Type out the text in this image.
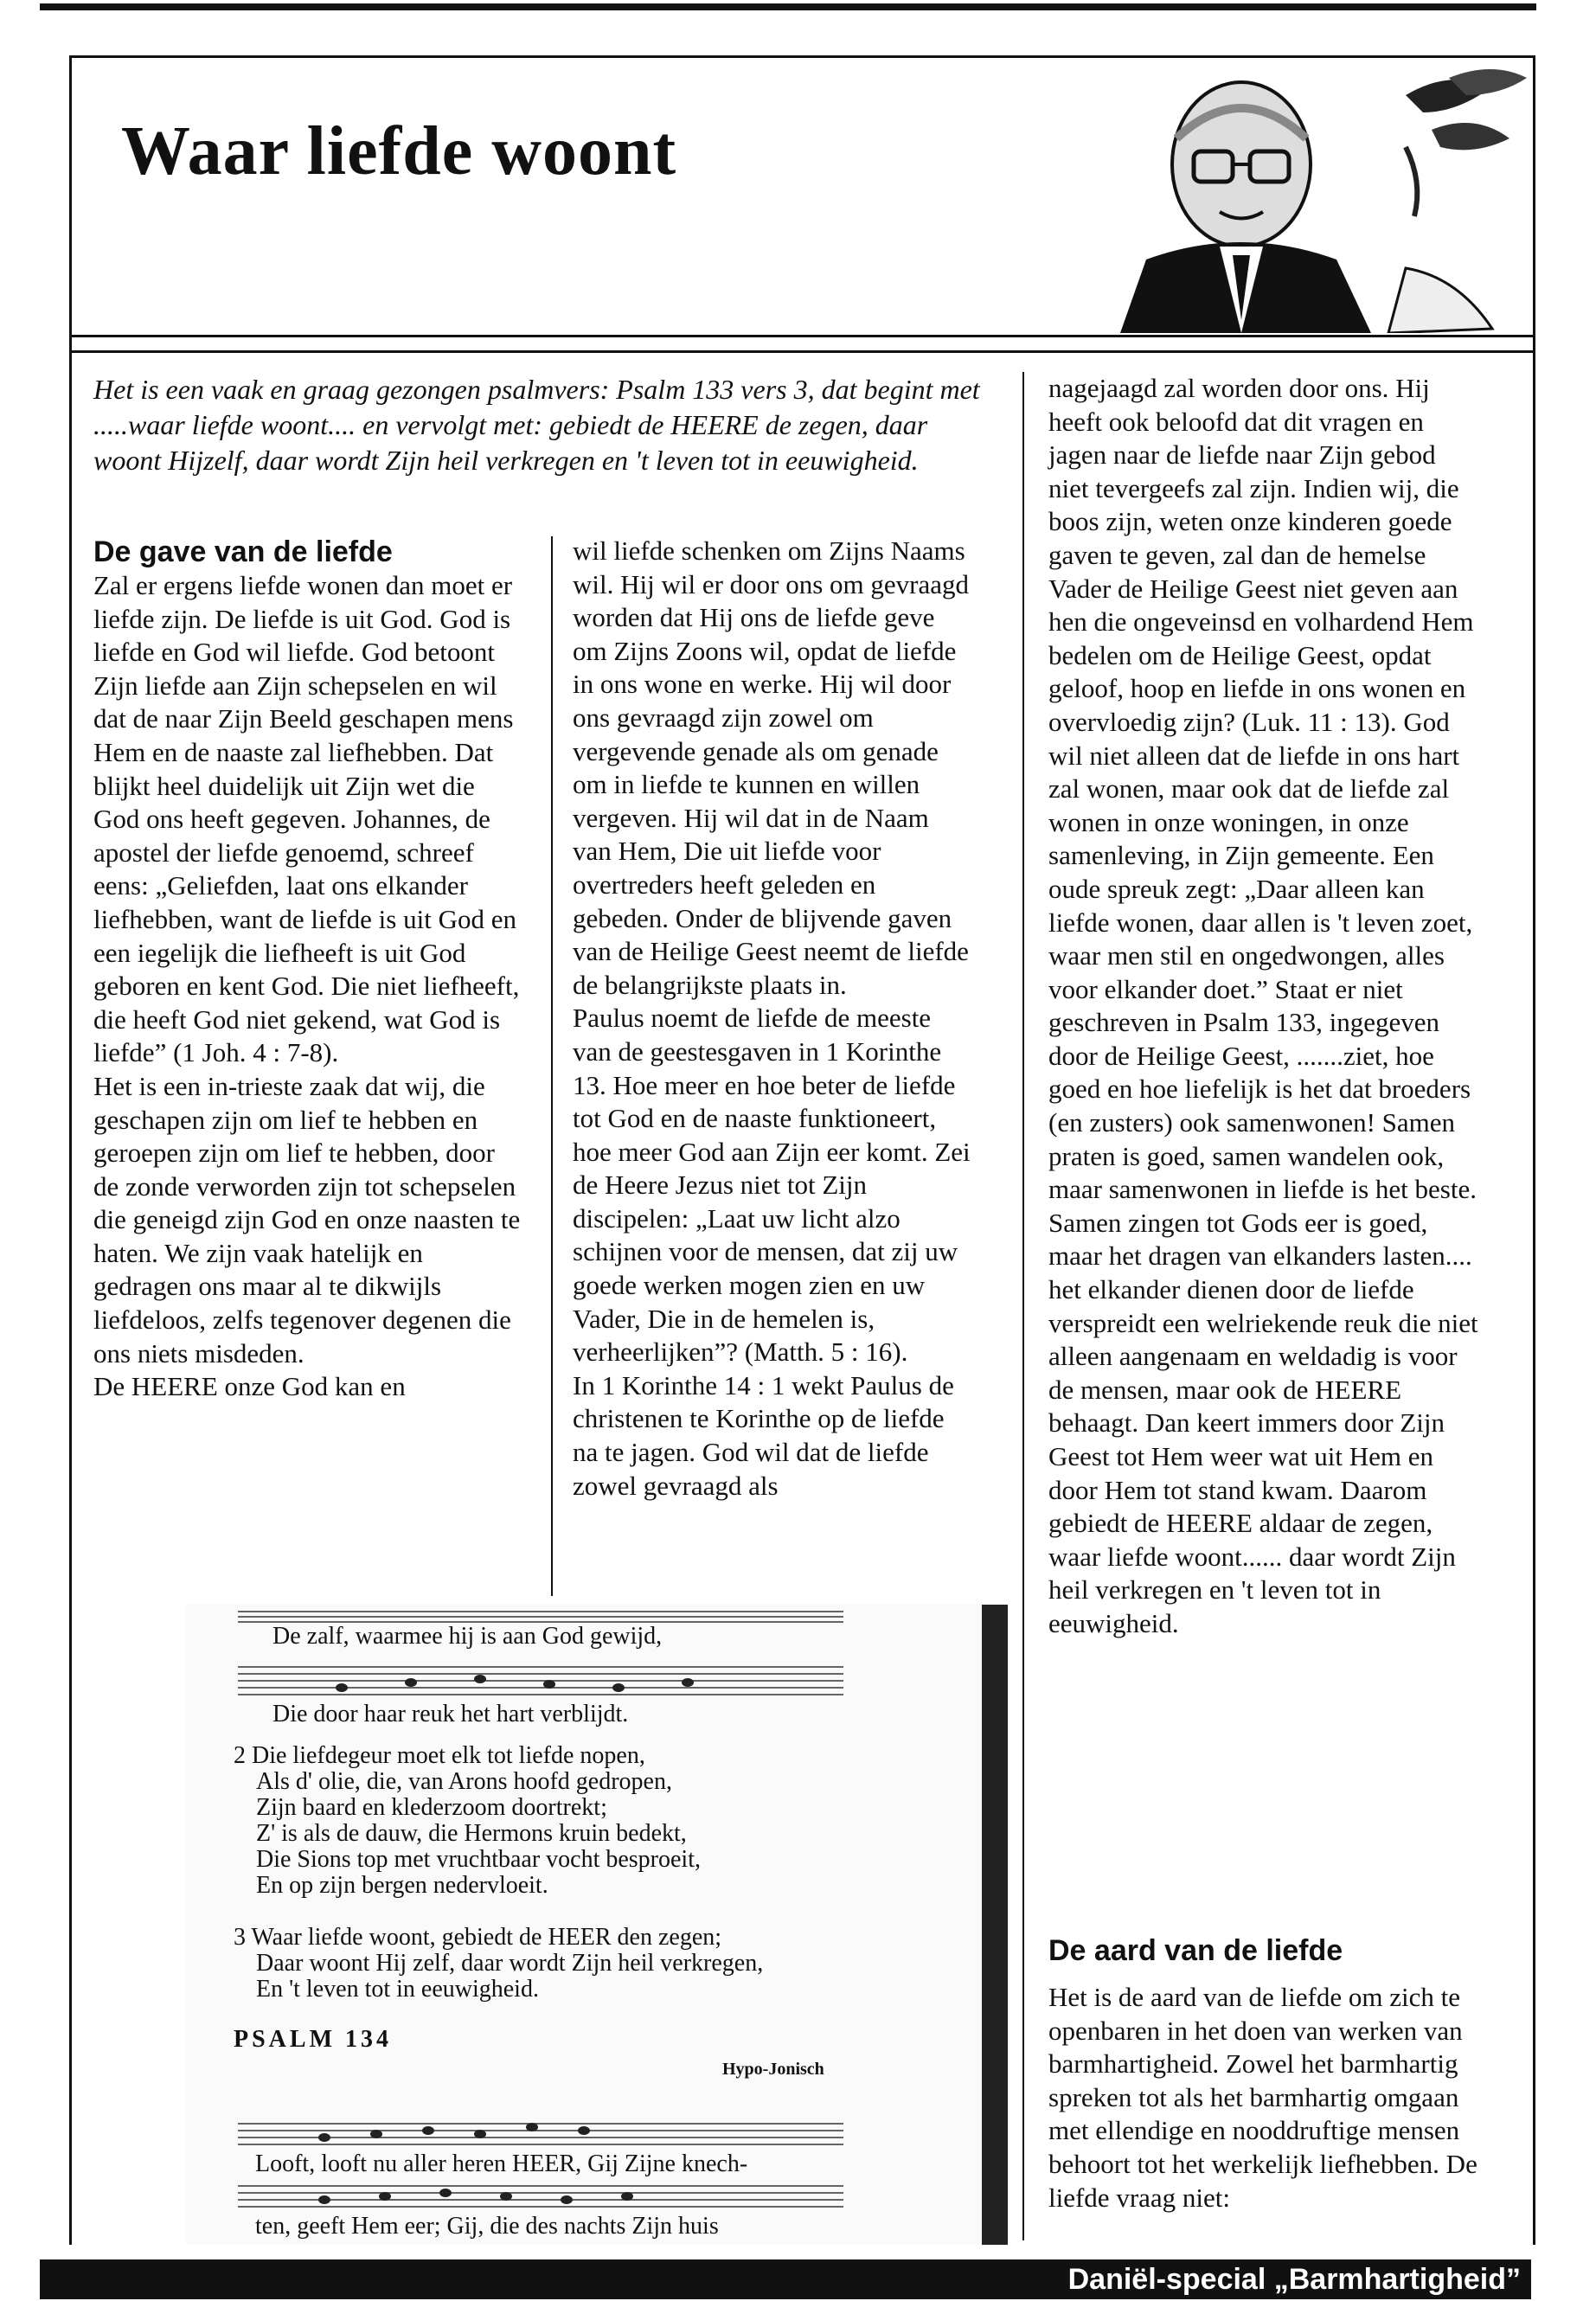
Waar liefde woont
Het is een vaak en graag gezongen psalmvers: Psalm 133 vers 3, dat begint met .....waar liefde woont.... en vervolgt met: gebiedt de HEERE de zegen, daar woont Hijzelf, daar wordt Zijn heil verkregen en 't leven tot in eeuwigheid.
De gave van de liefde

Zal er ergens liefde wonen dan moet er liefde zijn. De liefde is uit God. God is liefde en God wil liefde. God betoont Zijn liefde aan Zijn schepselen en wil dat de naar Zijn Beeld geschapen mens Hem en de naaste zal liefhebben. Dat blijkt heel duidelijk uit Zijn wet die God ons heeft gegeven. Johannes, de apostel der liefde genoemd, schreef eens: „Geliefden, laat ons elkander liefhebben, want de liefde is uit God en een iegelijk die liefheeft is uit God geboren en kent God. Die niet liefheeft, die heeft God niet gekend, wat God is liefde” (1 Joh. 4 : 7-8).

Het is een in-trieste zaak dat wij, die geschapen zijn om lief te hebben en geroepen zijn om lief te hebben, door de zonde verworden zijn tot schepselen die geneigd zijn God en onze naasten te haten. We zijn vaak hatelijk en gedragen ons maar al te dikwijls liefdeloos, zelfs tegenover degenen die ons niets misdeden.

De HEERE onze God kan en

wil liefde schenken om Zijns Naams wil. Hij wil er door ons om gevraagd worden dat Hij ons de liefde geve om Zijns Zoons wil, opdat de liefde in ons wone en werke. Hij wil door ons gevraagd zijn zowel om vergevende genade als om genade om in liefde te kunnen en willen vergeven. Hij wil dat in de Naam van Hem, Die uit liefde voor overtreders heeft geleden en gebeden. Onder de blijvende gaven van de Heilige Geest neemt de liefde de belangrijkste plaats in.

Paulus noemt de liefde de meeste van de geestesgaven in 1 Korinthe 13. Hoe meer en hoe beter de liefde tot God en de naaste funktioneert, hoe meer God aan Zijn eer komt. Zei de Heere Jezus niet tot Zijn discipelen: „Laat uw licht alzo schijnen voor de mensen, dat zij uw goede werken mogen zien en uw Vader, Die in de hemelen is, verheerlijken”? (Matth. 5 : 16).

In 1 Korinthe 14 : 1 wekt Paulus de christenen te Korinthe op de liefde na te jagen. God wil dat de liefde zowel gevraagd als

nagejaagd zal worden door ons. Hij heeft ook beloofd dat dit vragen en jagen naar de liefde naar Zijn gebod niet tevergeefs zal zijn. Indien wij, die boos zijn, weten onze kinderen goede gaven te geven, zal dan de hemelse Vader de Heilige Geest niet geven aan hen die ongeveinsd en volhardend Hem bedelen om de Heilige Geest, opdat geloof, hoop en liefde in ons wonen en overvloedig zijn? (Luk. 11 : 13). God wil niet alleen dat de liefde in ons hart zal wonen, maar ook dat de liefde zal wonen in onze woningen, in onze samenleving, in Zijn gemeente. Een oude spreuk zegt: „Daar alleen kan liefde wonen, daar allen is 't leven zoet, waar men stil en ongedwongen, alles voor elkander doet.” Staat er niet geschreven in Psalm 133, ingegeven door de Heilige Geest, .......ziet, hoe goed en hoe liefelijk is het dat broeders (en zusters) ook samenwonen! Samen praten is goed, samen wandelen ook, maar samenwonen in liefde is het beste. Samen zingen tot Gods eer is goed, maar het dragen van elkanders lasten.... het elkander dienen door de liefde verspreidt een welriekende reuk die niet alleen aangenaam en weldadig is voor de mensen, maar ook de HEERE behaagt. Dan keert immers door Zijn Geest tot Hem weer wat uit Hem en door Hem tot stand kwam. Daarom gebiedt de HEERE aldaar de zegen, waar liefde woont...... daar wordt Zijn heil verkregen en 't leven tot in eeuwigheid.

De aard van de liefde

Het is de aard van de liefde om zich te openbaren in het doen van werken van barmhartigheid. Zowel het barmhartig spreken tot als het barmhartig omgaan met ellendige en nooddruftige mensen behoort tot het werkelijk liefhebben. De liefde vraag niet:

De zalf, waarmee hij is aan God gewijd,
Die door haar reuk het hart verblijdt.
2 Die liefdegeur moet elk tot liefde nopen,
Als d' olie, die, van Arons hoofd gedropen,
Zijn baard en klederzoom doortrekt;
Z' is als de dauw, die Hermons kruin bedekt,
Die Sions top met vruchtbaar vocht besproeit,
En op zijn bergen nedervloeit.
3 Waar liefde woont, gebiedt de HEER den zegen;
Daar woont Hij zelf, daar wordt Zijn heil verkregen,
En 't leven tot in eeuwigheid.
PSALM 134
Hypo-Jonisch
Looft, looft nu aller heren HEER, Gij Zijne knech-
ten, geeft Hem eer; Gij, die des nachts Zijn huis
Daniël-special „Barmhartigheid”
